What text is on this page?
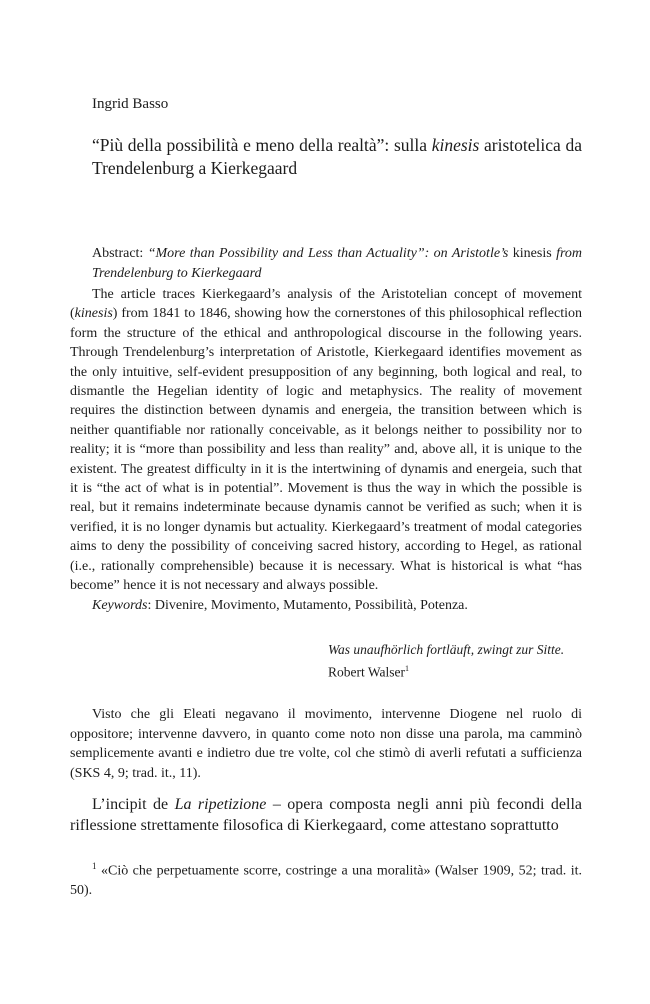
Ingrid Basso
“Più della possibilità e meno della realtà”: sulla kinesis aristotelica da Trendelenburg a Kierkegaard
Abstract: “More than Possibility and Less than Actuality”: on Aristotle’s kinesis from Trendelenburg to Kierkegaard
The article traces Kierkegaard’s analysis of the Aristotelian concept of movement (kinesis) from 1841 to 1846, showing how the cornerstones of this philosophical reflection form the structure of the ethical and anthropological discourse in the following years. Through Trendelenburg’s interpretation of Aristotle, Kierkegaard identifies movement as the only intuitive, self-evident presupposition of any beginning, both logical and real, to dismantle the Hegelian identity of logic and metaphysics. The reality of movement requires the distinction between dynamis and energeia, the transition between which is neither quantifiable nor rationally conceivable, as it belongs neither to possibility nor to reality; it is “more than possibility and less than reality” and, above all, it is unique to the existent. The greatest difficulty in it is the intertwining of dynamis and energeia, such that it is “the act of what is in potential”. Movement is thus the way in which the possible is real, but it remains indeterminate because dynamis cannot be verified as such; when it is verified, it is no longer dynamis but actuality. Kierkegaard’s treatment of modal categories aims to deny the possibility of conceiving sacred history, according to Hegel, as rational (i.e., rationally comprehensible) because it is necessary. What is historical is what “has become” hence it is not necessary and always possible.
Keywords: Divenire, Movimento, Mutamento, Possibilità, Potenza.
Was unaufhörlich fortläuft, zwingt zur Sitte.
Robert Walser$^1$
Visto che gli Eleati negavano il movimento, intervenne Diogene nel ruolo di oppositore; intervenne davvero, in quanto come noto non disse una parola, ma camminò semplicemente avanti e indietro due tre volte, col che stimò di averli refutati a sufficienza (SKS 4, 9; trad. it., 11).
L’incipit de La ripetizione – opera composta negli anni più fecondi della riflessione strettamente filosofica di Kierkegaard, come attestano soprattutto
$^1$ «Ciò che perpetuamente scorre, costringe a una moralità» (Walser 1909, 52; trad. it. 50).
